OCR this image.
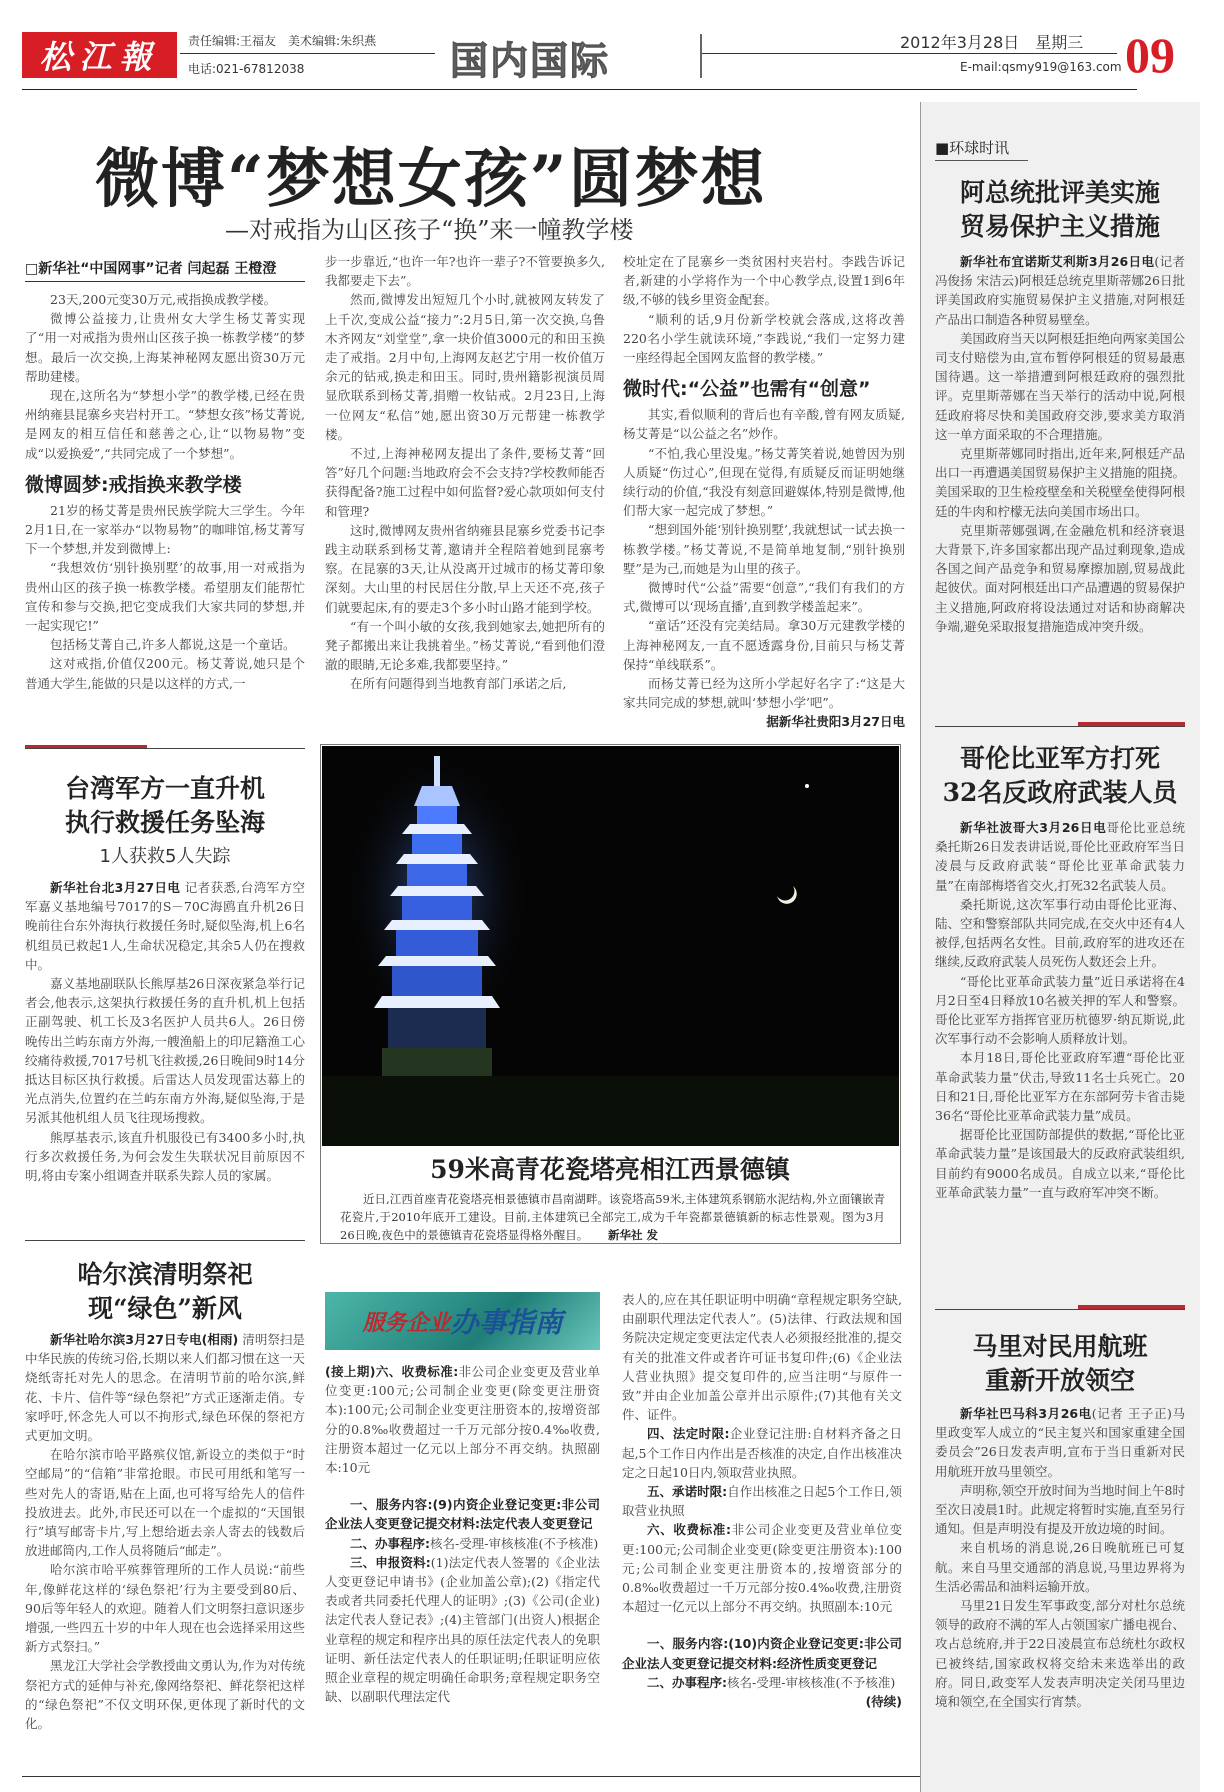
松江報	责任编辑:王福友　美术编辑:朱织燕
电话:021-67812038	国内国际	2012年3月28日　星期三
E-mail:qsmy919@163.com 09
微博“梦想女孩”圆梦想
—对戒指为山区孩子“换”来一幢教学楼
□新华社“中国网事”记者 闫起磊 王橙澄

23天,200元变30万元,戒指换成教学楼。

微博公益接力,让贵州女大学生杨艾菁实现了“用一对戒指为贵州山区孩子换一栋教学楼”的梦想。最后一次交换,上海某神秘网友愿出资30万元帮助建楼。

现在,这所名为“梦想小学”的教学楼,已经在贵州纳雍县昆寨乡夹岩村开工。“梦想女孩”杨艾菁说,是网友的相互信任和慈善之心,让“以物易物”变成“以爱换爱”,“共同完成了一个梦想”。

微博圆梦:戒指换来教学楼

21岁的杨艾菁是贵州民族学院大三学生。今年2月1日,在一家举办“以物易物”的咖啡馆,杨艾菁写下一个梦想,并发到微博上:

“我想效仿‘别针换别墅’的故事,用一对戒指为贵州山区的孩子换一栋教学楼。希望朋友们能帮忙宣传和参与交换,把它变成我们大家共同的梦想,并一起实现它!”

包括杨艾菁自己,许多人都说,这是一个童话。

这对戒指,价值仅200元。杨艾菁说,她只是个普通大学生,能做的只是以这样的方式,一

步一步靠近,“也许一年?也许一辈子?不管要换多久,我都要走下去”。

然而,微博发出短短几个小时,就被网友转发了上千次,变成公益“接力”:2月5日,第一次交换,乌鲁木齐网友“刘堂堂”,拿一块价值3000元的和田玉换走了戒指。2月中旬,上海网友赵艺宁用一枚价值万余元的钻戒,换走和田玉。同时,贵州籍影视演员周显欣联系到杨艾菁,捐赠一枚钻戒。2月23日,上海一位网友“私信”她,愿出资30万元帮建一栋教学楼。

不过,上海神秘网友提出了条件,要杨艾菁“回答”好几个问题:当地政府会不会支持?学校教师能否获得配备?施工过程中如何监督?爱心款项如何支付和管理?

这时,微博网友贵州省纳雍县昆寨乡党委书记李践主动联系到杨艾菁,邀请并全程陪着她到昆寨考察。在昆寨的3天,让从没离开过城市的杨艾菁印象深刻。大山里的村民居住分散,早上天还不亮,孩子们就要起床,有的要走3个多小时山路才能到学校。

“有一个叫小敏的女孩,我到她家去,她把所有的凳子都搬出来让我挑着坐。”杨艾菁说,“看到他们澄澈的眼睛,无论多难,我都要坚持。”

在所有问题得到当地教育部门承诺之后,

校址定在了昆寨乡一类贫困村夹岩村。李践告诉记者,新建的小学将作为一个中心教学点,设置1到6年级,不够的钱乡里资金配套。

“顺利的话,9月份新学校就会落成,这将改善220名小学生就读环境,”李践说,“我们一定努力建一座经得起全国网友监督的教学楼。”

微时代:“公益”也需有“创意”

其实,看似顺利的背后也有辛酸,曾有网友质疑,杨艾菁是“以公益之名”炒作。

“不怕,我心里没鬼。”杨艾菁笑着说,她曾因为别人质疑“伤过心”,但现在觉得,有质疑反而证明她继续行动的价值,“我没有刻意回避媒体,特别是微博,他们帮大家一起完成了梦想。”

“想到国外能‘别针换别墅’,我就想试一试去换一栋教学楼。”杨艾菁说,不是简单地复制,“别针换别墅”是为己,而她是为山里的孩子。

微博时代“公益”需要“创意”,“我们有我们的方式,微博可以‘现场直播’,直到教学楼盖起来”。

“童话”还没有完美结局。拿30万元建教学楼的上海神秘网友,一直不愿透露身份,目前只与杨艾菁保持“单线联系”。

而杨艾菁已经为这所小学起好名字了:“这是大家共同完成的梦想,就叫‘梦想小学’吧”。

据新华社贵阳3月27日电

台湾军方一直升机
执行救援任务坠海
1人获救5人失踪

新华社台北3月27日电 记者获悉,台湾军方空军嘉义基地编号7017的S－70C海鸥直升机26日晚前往台东外海执行救援任务时,疑似坠海,机上6名机组员已救起1人,生命状况稳定,其余5人仍在搜救中。

嘉义基地副联队长熊厚基26日深夜紧急举行记者会,他表示,这架执行救援任务的直升机,机上包括正副驾驶、机工长及3名医护人员共6人。26日傍晚传出兰屿东南方外海,一艘渔船上的印尼籍渔工心绞痛待救援,7017号机飞往救援,26日晚间9时14分抵达目标区执行救援。后雷达人员发现雷达幕上的光点消失,位置约在兰屿东南方外海,疑似坠海,于是另派其他机组人员飞往现场搜救。

熊厚基表示,该直升机服役已有3400多小时,执行多次救援任务,为何会发生失联状况目前原因不明,将由专案小组调查并联系失踪人员的家属。

哈尔滨清明祭祀
现“绿色”新风

新华社哈尔滨3月27日专电(相雨) 清明祭扫是中华民族的传统习俗,长期以来人们都习惯在这一天烧纸寄托对先人的思念。在清明节前的哈尔滨,鲜花、卡片、信件等“绿色祭祀”方式正逐渐走俏。专家呼吁,怀念先人可以不拘形式,绿色环保的祭祀方式更加文明。

在哈尔滨市哈平路殡仪馆,新设立的类似于“时空邮局”的“信箱”非常抢眼。市民可用纸和笔写一些对先人的寄语,贴在上面,也可将写给先人的信件投放进去。此外,市民还可以在一个虚拟的“天国银行”填写邮寄卡片,写上想给逝去亲人寄去的钱数后放进邮筒内,工作人员将随后“邮走”。

哈尔滨市哈平殡葬管理所的工作人员说:“前些年,像鲜花这样的‘绿色祭祀’行为主要受到80后、90后等年轻人的欢迎。随着人们文明祭扫意识逐步增强,一些四五十岁的中年人现在也会选择采用这些新方式祭扫。”

黑龙江大学社会学教授曲文勇认为,作为对传统祭祀方式的延伸与补充,像网络祭祀、鲜花祭祀这样的“绿色祭祀”不仅文明环保,更体现了新时代的文化。

59米高青花瓷塔亮相江西景德镇
近日,江西首座青花瓷塔亮相景德镇市昌南湖畔。该瓷塔高59米,主体建筑系钢筋水泥结构,外立面镶嵌青花瓷片,于2010年底开工建设。目前,主体建筑已全部完工,成为千年瓷都景德镇新的标志性景观。图为3月26日晚,夜色中的景德镇青花瓷塔显得格外醒目。 新华社 发
服务企业 办事指南

(接上期)六、收费标准:非公司企业变更及营业单位变更:100元;公司制企业变更(除变更注册资本):100元;公司制企业变更注册资本的,按增资部分的0.8‰收费超过一千万元部分按0.4‰收费,注册资本超过一亿元以上部分不再交纳。执照副本:10元

一、服务内容:(9)内资企业登记变更:非公司企业法人变更登记提交材料:法定代表人变更登记

二、办事程序:核名-受理-审核核准(不予核准)

三、申报资料:(1)法定代表人签署的《企业法人变更登记申请书》(企业加盖公章);(2)《指定代表或者共同委托代理人的证明》;(3)《公司(企业)法定代表人登记表》;(4)主管部门(出资人)根据企业章程的规定和程序出具的原任法定代表人的免职证明、新任法定代表人的任职证明;任职证明应依照企业章程的规定明确任命职务;章程规定职务空缺、以副职代理法定代

表人的,应在其任职证明中明确“章程规定职务空缺,由副职代理法定代表人”。(5)法律、行政法规和国务院决定规定变更法定代表人必须报经批准的,提交有关的批准文件或者许可证书复印件;(6)《企业法人营业执照》提交复印件的,应当注明“与原件一致”并由企业加盖公章并出示原件;(7)其他有关文件、证件。

四、法定时限:企业登记注册:自材料齐备之日起,5个工作日内作出是否核准的决定,自作出核准决定之日起10日内,领取营业执照。

五、承诺时限:自作出核准之日起5个工作日,领取营业执照

六、收费标准:非公司企业变更及营业单位变更:100元;公司制企业变更(除变更注册资本):100元;公司制企业变更注册资本的,按增资部分的0.8‰收费超过一千万元部分按0.4‰收费,注册资本超过一亿元以上部分不再交纳。执照副本:10元

一、服务内容:(10)内资企业登记变更:非公司企业法人变更登记提交材料:经济性质变更登记

二、办事程序:核名-受理-审核核准(不予核准)

(待续)

■环球时讯
阿总统批评美实施
贸易保护主义措施

新华社布宜诺斯艾利斯3月26日电(记者 冯俊扬 宋洁云)阿根廷总统克里斯蒂娜26日批评美国政府实施贸易保护主义措施,对阿根廷产品出口制造各种贸易壁垒。

美国政府当天以阿根廷拒绝向两家美国公司支付赔偿为由,宣布暂停阿根廷的贸易最惠国待遇。这一举措遭到阿根廷政府的强烈批评。克里斯蒂娜在当天举行的活动中说,阿根廷政府将尽快和美国政府交涉,要求美方取消这一单方面采取的不合理措施。

克里斯蒂娜同时指出,近年来,阿根廷产品出口一再遭遇美国贸易保护主义措施的阻挠。美国采取的卫生检疫壁垒和关税壁垒使得阿根廷的牛肉和柠檬无法向美国市场出口。

克里斯蒂娜强调,在金融危机和经济衰退大背景下,许多国家都出现产品过剩现象,造成各国之间产品竞争和贸易摩擦加剧,贸易战此起彼伏。面对阿根廷出口产品遭遇的贸易保护主义措施,阿政府将设法通过对话和协商解决争端,避免采取报复措施造成冲突升级。

哥伦比亚军方打死
32名反政府武装人员

新华社波哥大3月26日电哥伦比亚总统桑托斯26日发表讲话说,哥伦比亚政府军当日凌晨与反政府武装“哥伦比亚革命武装力量”在南部梅塔省交火,打死32名武装人员。

桑托斯说,这次军事行动由哥伦比亚海、陆、空和警察部队共同完成,在交火中还有4人被俘,包括两名女性。目前,政府军的进攻还在继续,反政府武装人员死伤人数还会上升。

“哥伦比亚革命武装力量”近日承诺将在4月2日至4日释放10名被关押的军人和警察。哥伦比亚军方指挥官亚历杭德罗·纳瓦斯说,此次军事行动不会影响人质释放计划。

本月18日,哥伦比亚政府军遭“哥伦比亚革命武装力量”伏击,导致11名士兵死亡。20日和21日,哥伦比亚军方在东部阿劳卡省击毙36名“哥伦比亚革命武装力量”成员。

据哥伦比亚国防部提供的数据,“哥伦比亚革命武装力量”是该国最大的反政府武装组织,目前约有9000名成员。自成立以来,“哥伦比亚革命武装力量”一直与政府军冲突不断。

马里对民用航班
重新开放领空

新华社巴马科3月26电(记者 王子正)马里政变军人成立的“民主复兴和国家重建全国委员会”26日发表声明,宣布于当日重新对民用航班开放马里领空。

声明称,领空开放时间为当地时间上午8时至次日凌晨1时。此规定将暂时实施,直至另行通知。但是声明没有提及开放边境的时间。

来自机场的消息说,26日晚航班已可复航。来自马里交通部的消息说,马里边界将为生活必需品和油料运输开放。

马里21日发生军事政变,部分对杜尔总统领导的政府不满的军人占领国家广播电视台、攻占总统府,并于22日凌晨宣布总统杜尔政权已被终结,国家政权将交给未来选举出的政府。同日,政变军人发表声明决定关闭马里边境和领空,在全国实行宵禁。
